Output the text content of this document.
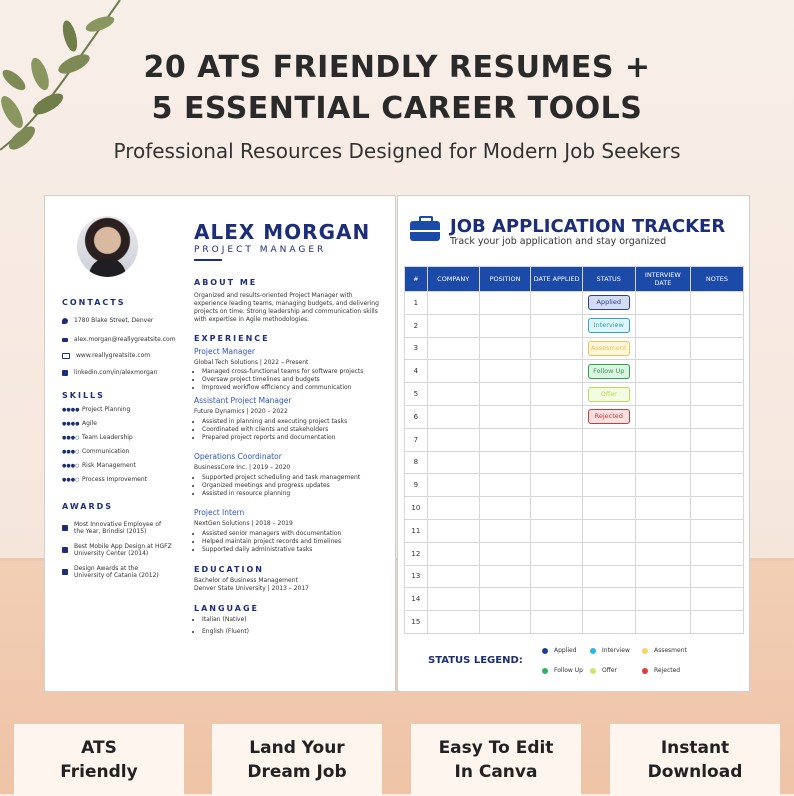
20 ATS FRIENDLY RESUMES +
5 ESSENTIAL CAREER TOOLS
Professional Resources Designed for Modern Job Seekers
ALEX MORGAN
PROJECT MANAGER
CONTACTS
1780 Blake Street, Denver
alex.morgan@reallygreatsite.com
www.reallygreatsite.com
linkedin.com/in/alexmorgan
SKILLS
●●●● Project Planning
●●●● Agile
●●●○ Team Leadership
●●●○ Communication
●●●○ Risk Management
●●●○ Process Improvement
AWARDS
Most Innovative Employee of
the Year, Brindisi (2015)
Best Mobile App Design at HGFZ
University Center (2014)
Design Awards at the
University of Catania (2012)
ABOUT ME
Organized and results-oriented Project Manager with experience leading teams, managing budgets, and delivering projects on time. Strong leadership and communication skills with expertise in Agile methodologies.
EXPERIENCE
Project Manager
Global Tech Solutions | 2022 – Present
• Managed cross-functional teams for software projects
• Oversaw project timelines and budgets
• Improved workflow efficiency and communication
Assistant Project Manager
Future Dynamics | 2020 – 2022
• Assisted in planning and executing project tasks
• Coordinated with clients and stakeholders
• Prepared project reports and documentation
Operations Coordinator
BusinessCore Inc. | 2019 – 2020
• Supported project scheduling and task management
• Organized meetings and progress updates
• Assisted in resource planning
Project Intern
NextGen Solutions | 2018 – 2019
• Assisted senior managers with documentation
• Helped maintain project records and timelines
• Supported daily administrative tasks
EDUCATION
Bachelor of Business Management
Denver State University | 2013 – 2017
LANGUAGE
• Italian (Native)
• English (Fluent)
JOB APPLICATION TRACKER
Track your job application and stay organized
#	COMPANY	POSITION	DATE APPLIED	STATUS	INTERVIEW DATE	NOTES
1				Applied		
2				Interview		
3				Assesment		
4				Follow Up		
5				Offer		
6				Rejected		
7						
8						
9						
10						
11						
12						
13						
14						
15						
STATUS LEGEND:
Applied	Interview	Assesment
Follow Up	Offer	Rejected
ATS
Friendly
Land Your
Dream Job
Easy To Edit
In Canva
Instant
Download
